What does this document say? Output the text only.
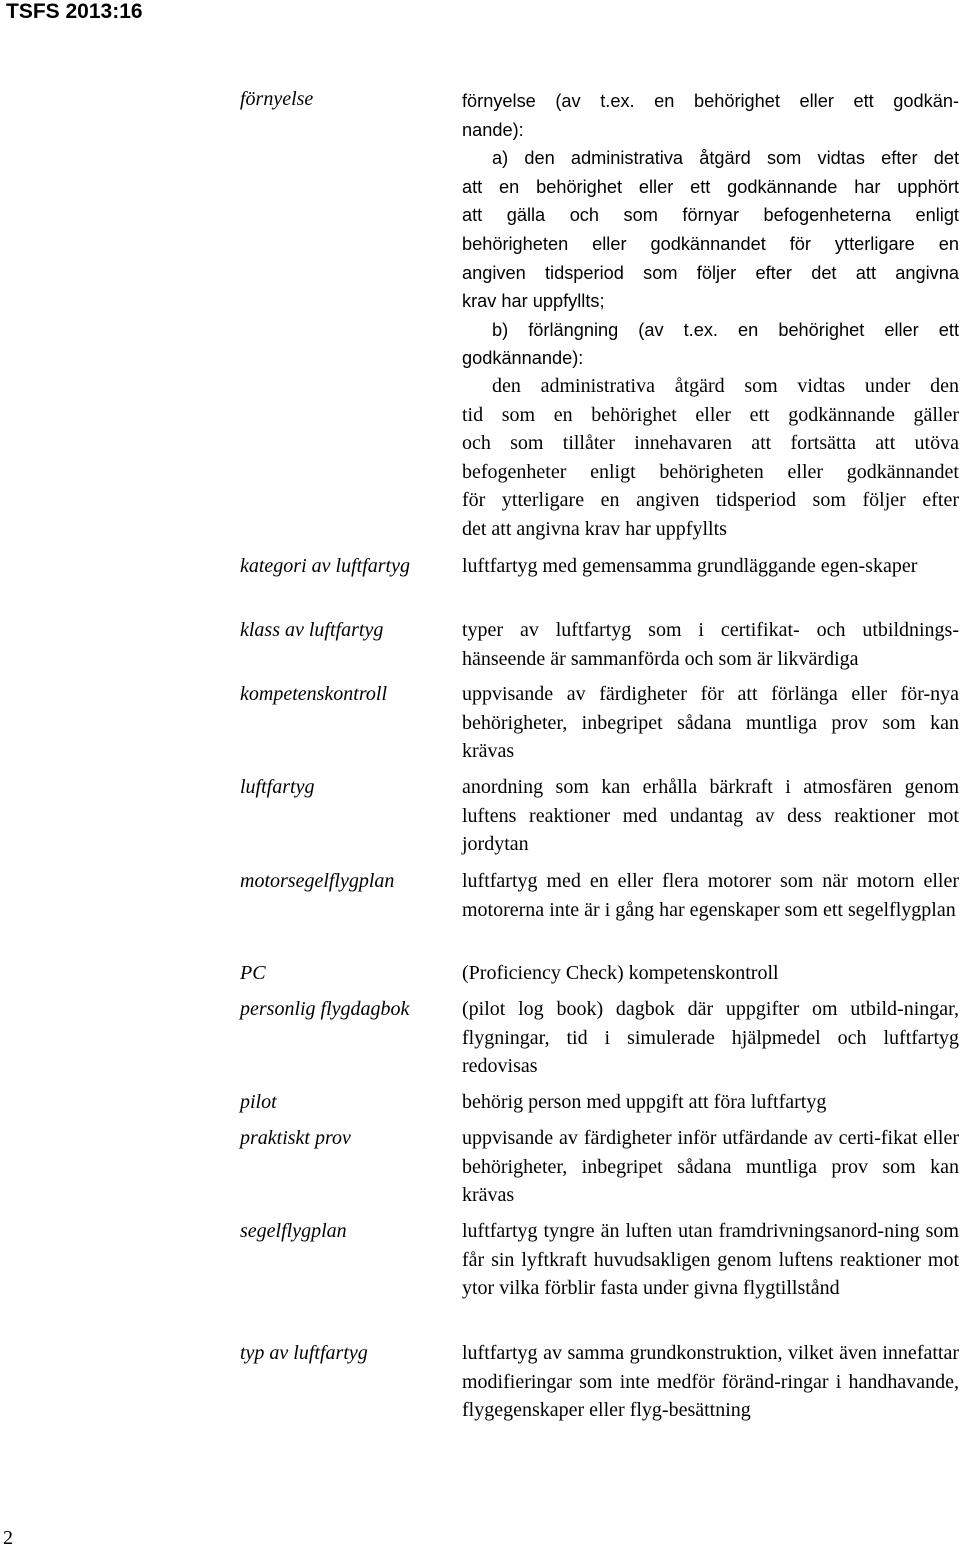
TSFS 2013:16
förnyelse	förnyelse (av t.ex. en behörighet eller ett godkän-

nande):

a) den administrativa åtgärd som vidtas efter det

att en behörighet eller ett godkännande har upphört

att gälla och som förnyar befogenheterna enligt

behörigheten eller godkännandet för ytterligare en

angiven tidsperiod som följer efter det att angivna

krav har uppfyllts;

b) förlängning (av t.ex. en behörighet eller ett

godkännande):

den administrativa åtgärd som vidtas under den

tid som en behörighet eller ett godkännande gäller

och som tillåter innehavaren att fortsätta att utöva

befogenheter enligt behörigheten eller godkännandet

för ytterligare en angiven tidsperiod som följer efter

det att angivna krav har uppfyllts

kategori av luftfartyg	luftfartyg med gemensamma grundläggande egen-skaper
klass av luftfartyg	typer av luftfartyg som i certifikat- och utbildnings-hänseende är sammanförda och som är likvärdiga
kompetenskontroll	uppvisande av färdigheter för att förlänga eller för-nya behörigheter, inbegripet sådana muntliga prov som kan krävas
luftfartyg	anordning som kan erhålla bärkraft i atmosfären genom luftens reaktioner med undantag av dess reaktioner mot jordytan
motorsegelflygplan	luftfartyg med en eller flera motorer som när motorn eller motorerna inte är i gång har egenskaper som ett segelflygplan
PC	(Proficiency Check) kompetenskontroll
personlig flygdagbok	(pilot log book) dagbok där uppgifter om utbild-ningar, flygningar, tid i simulerade hjälpmedel och luftfartyg redovisas
pilot	behörig person med uppgift att föra luftfartyg
praktiskt prov	uppvisande av färdigheter inför utfärdande av certi-fikat eller behörigheter, inbegripet sådana muntliga prov som kan krävas
segelflygplan	luftfartyg tyngre än luften utan framdrivningsanord-ning som får sin lyftkraft huvudsakligen genom luftens reaktioner mot ytor vilka förblir fasta under givna flygtillstånd
typ av luftfartyg	luftfartyg av samma grundkonstruktion, vilket även innefattar modifieringar som inte medför föränd-ringar i handhavande, flygegenskaper eller flyg-besättning
2
